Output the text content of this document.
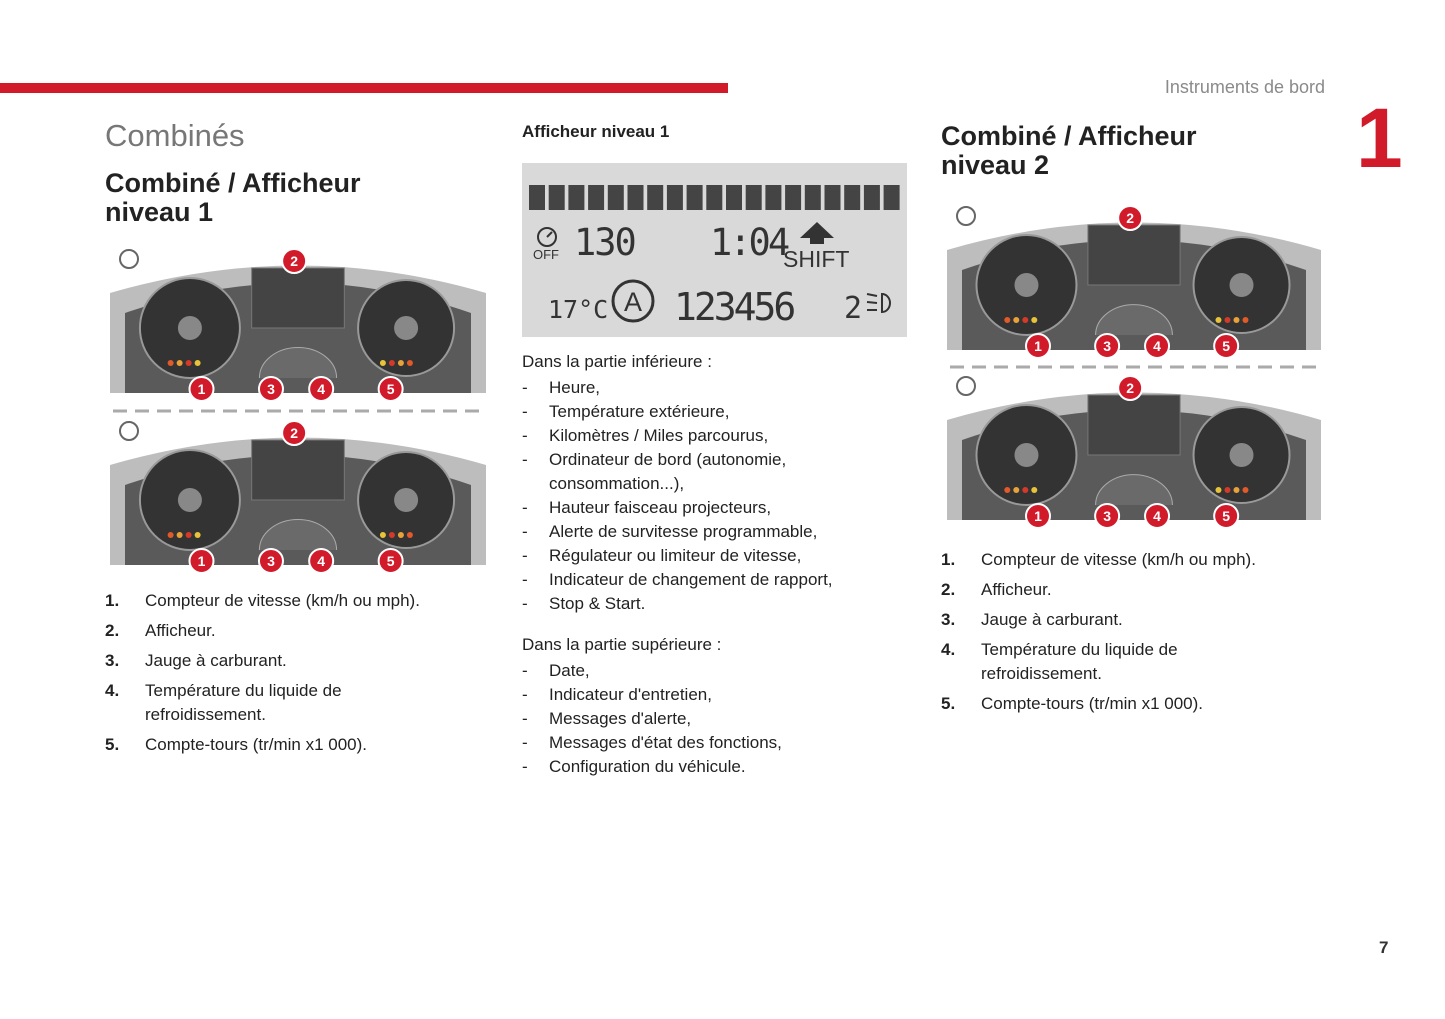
Instruments de bord
1
7
Combinés
Combiné / Afficheur
niveau 1
1
2
3	4	5
1
2
3	4	5
1. Compteur de vitesse (km/h ou mph).
2. Afficheur.
3. Jauge à carburant.
4. Température du liquide de refroidissement.
5. Compte-tours (tr/min x1 000).
Afficheur niveau 1
OFF 130 1:04
SHIFT
17°C A 123456 2
Dans la partie inférieure :
- Heure,
- Température extérieure,
- Kilomètres / Miles parcourus,
- Ordinateur de bord (autonomie, consommation...),
- Hauteur faisceau projecteurs,
- Alerte de survitesse programmable,
- Régulateur ou limiteur de vitesse,
- Indicateur de changement de rapport,
- Stop & Start.
Dans la partie supérieure :
- Date,
- Indicateur d'entretien,
- Messages d'alerte,
- Messages d'état des fonctions,
- Configuration du véhicule.
Combiné / Afficheur
niveau 2
1
2
3	4	5
1
2
3	4	5
1. Compteur de vitesse (km/h ou mph).
2. Afficheur.
3. Jauge à carburant.
4. Température du liquide de refroidissement.
5. Compte-tours (tr/min x1 000).
